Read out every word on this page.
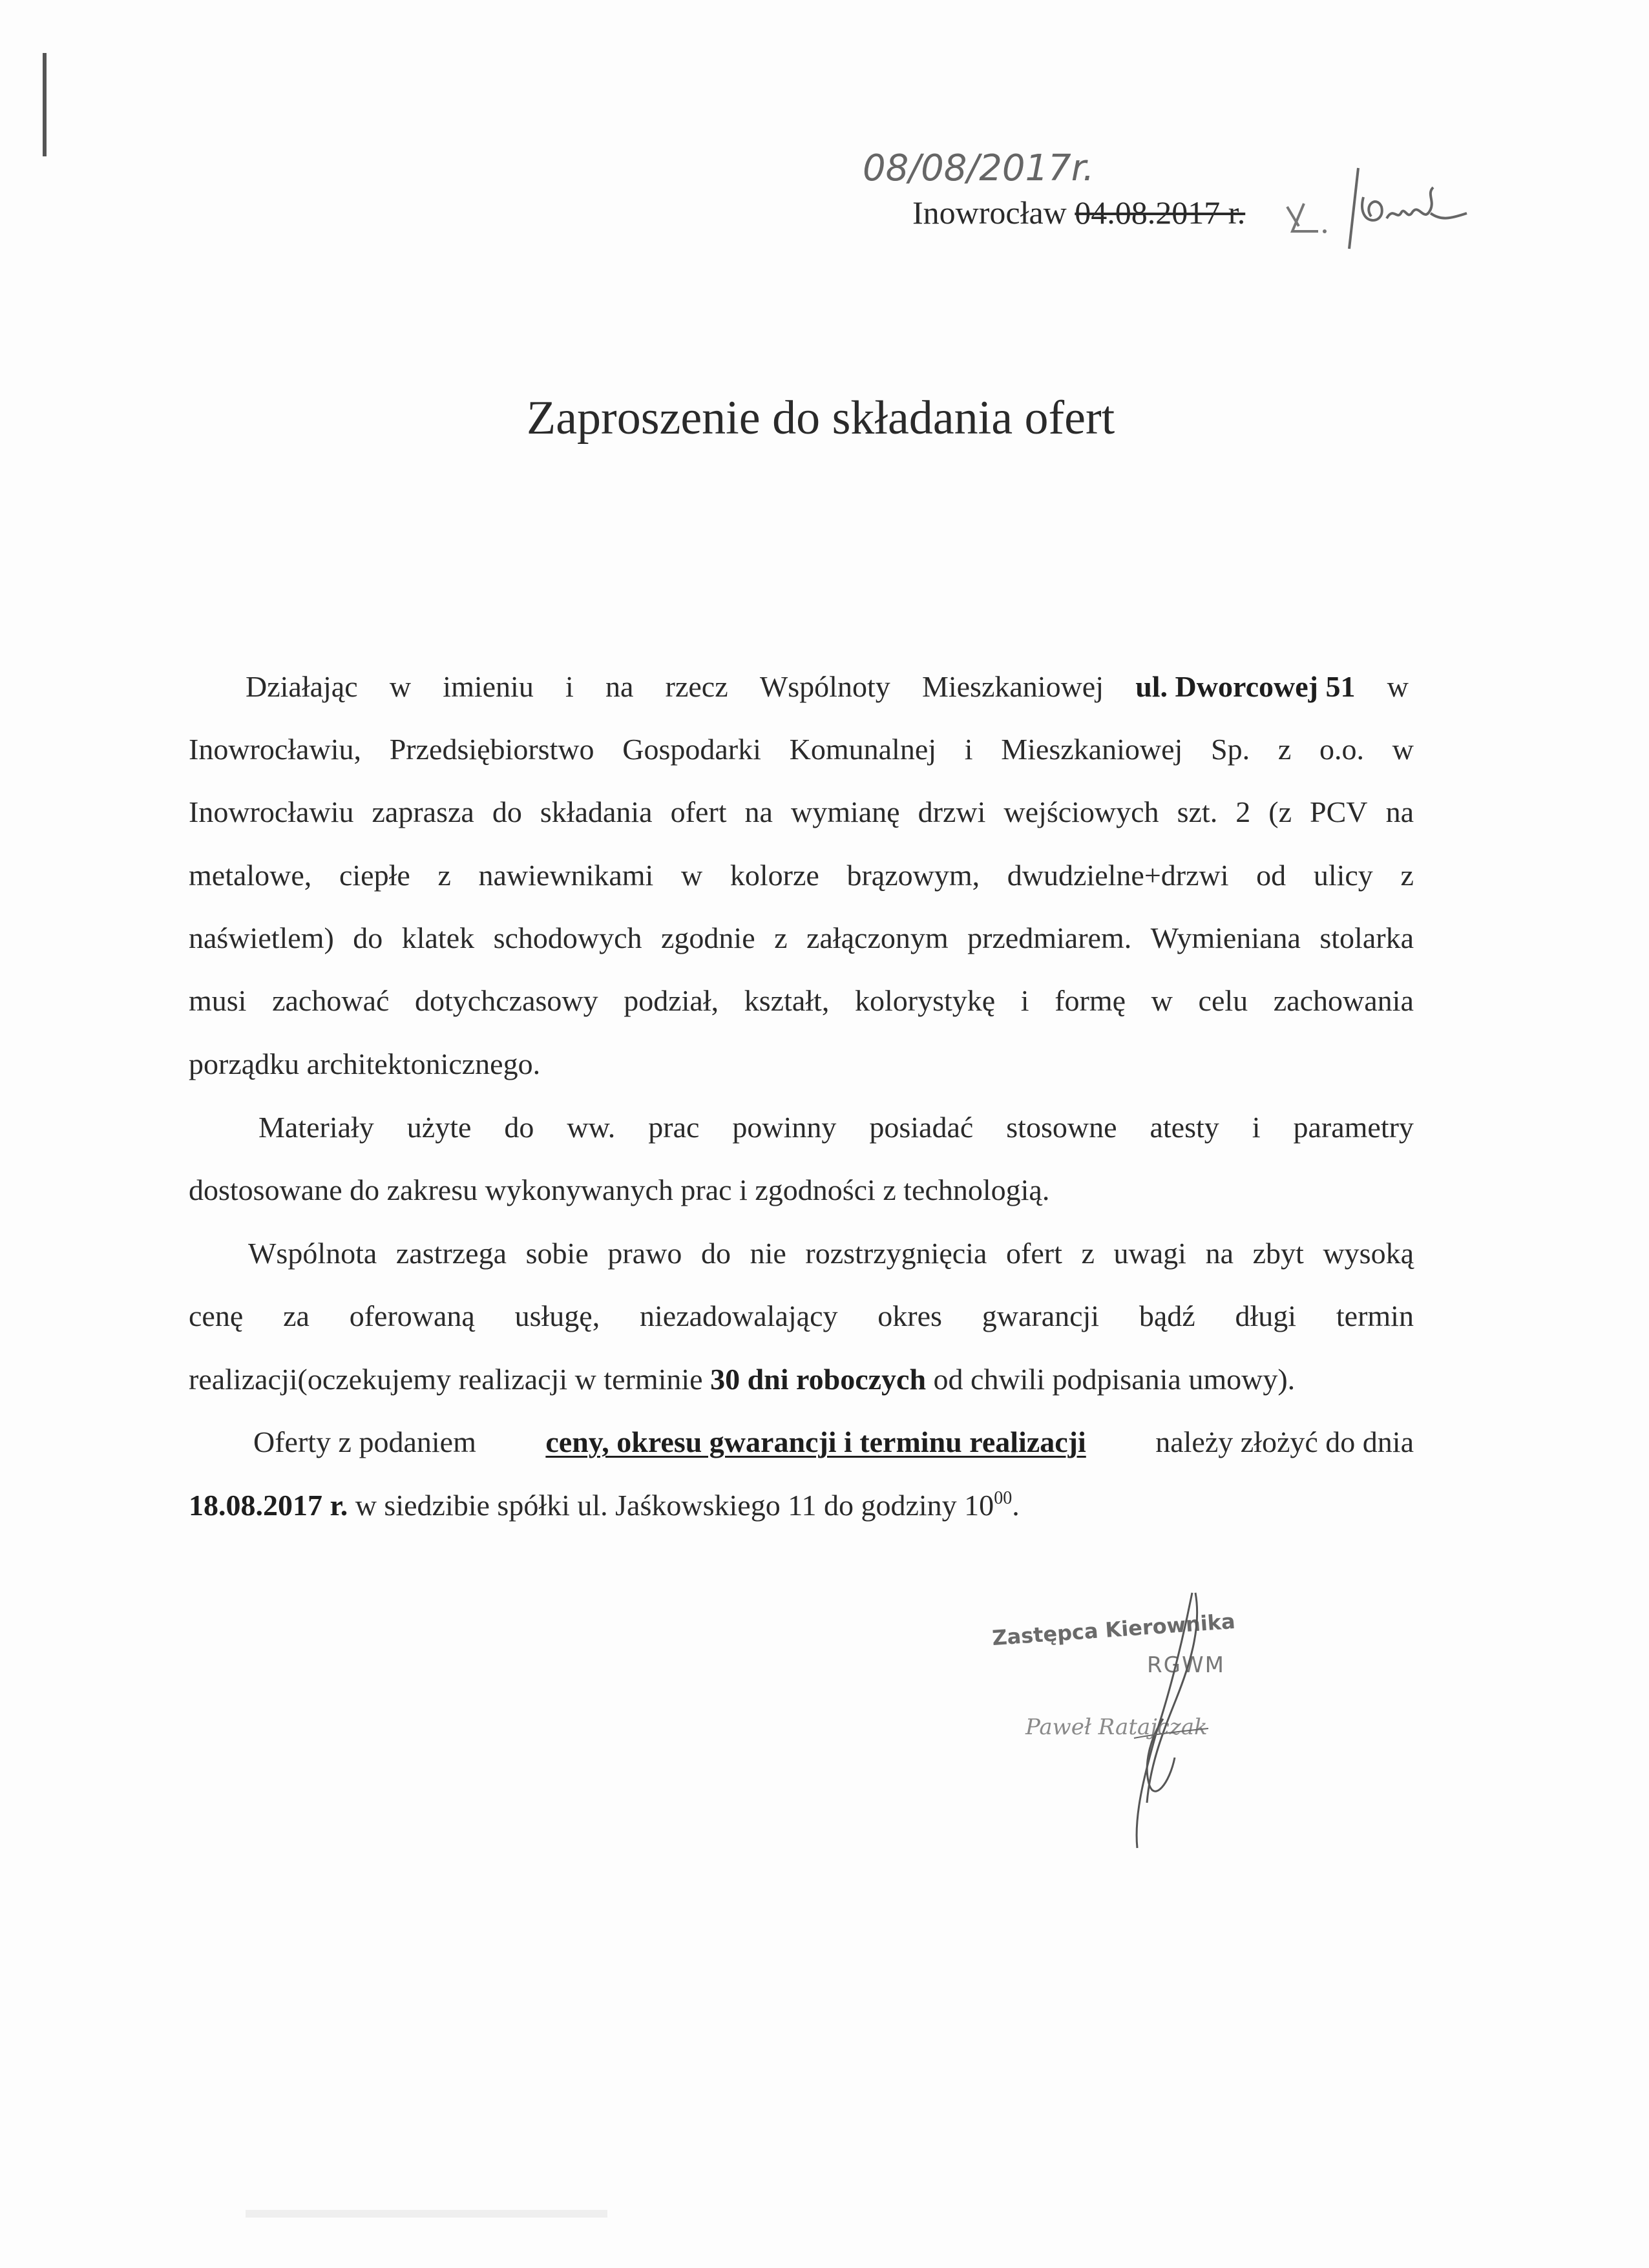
08/08/2017r.
Inowrocław 04.08.2017 r.
Zaproszenie do składania ofert
Działając w imieniu i na rzecz Wspólnoty Mieszkaniowej ul. Dworcowej 51 w
Inowrocławiu, Przedsiębiorstwo Gospodarki Komunalnej i Mieszkaniowej Sp. z o.o. w
Inowrocławiu zaprasza do składania ofert na wymianę drzwi wejściowych szt. 2 (z PCV na
metalowe, ciepłe z nawiewnikami w kolorze brązowym, dwudzielne+drzwi od ulicy z
naświetlem) do klatek schodowych zgodnie z załączonym przedmiarem. Wymieniana stolarka
musi zachować dotychczasowy podział, kształt, kolorystykę i formę w celu zachowania
porządku architektonicznego.
Materiały użyte do ww. prac powinny posiadać stosowne atesty i parametry
dostosowane do zakresu wykonywanych prac i zgodności z technologią.
Wspólnota zastrzega sobie prawo do nie rozstrzygnięcia ofert z uwagi na zbyt wysoką
cenę za oferowaną usługę, niezadowalający okres gwarancji bądź długi termin
realizacji(oczekujemy realizacji w terminie 30 dni roboczych od chwili podpisania umowy).
Oferty z podaniem ceny, okresu gwarancji i terminu realizacji należy złożyć do dnia
18.08.2017 r. w siedzibie spółki ul. Jaśkowskiego 11 do godziny $10^{00}$.
Zastępca Kierownika
RGWM
Paweł Ratajczak
